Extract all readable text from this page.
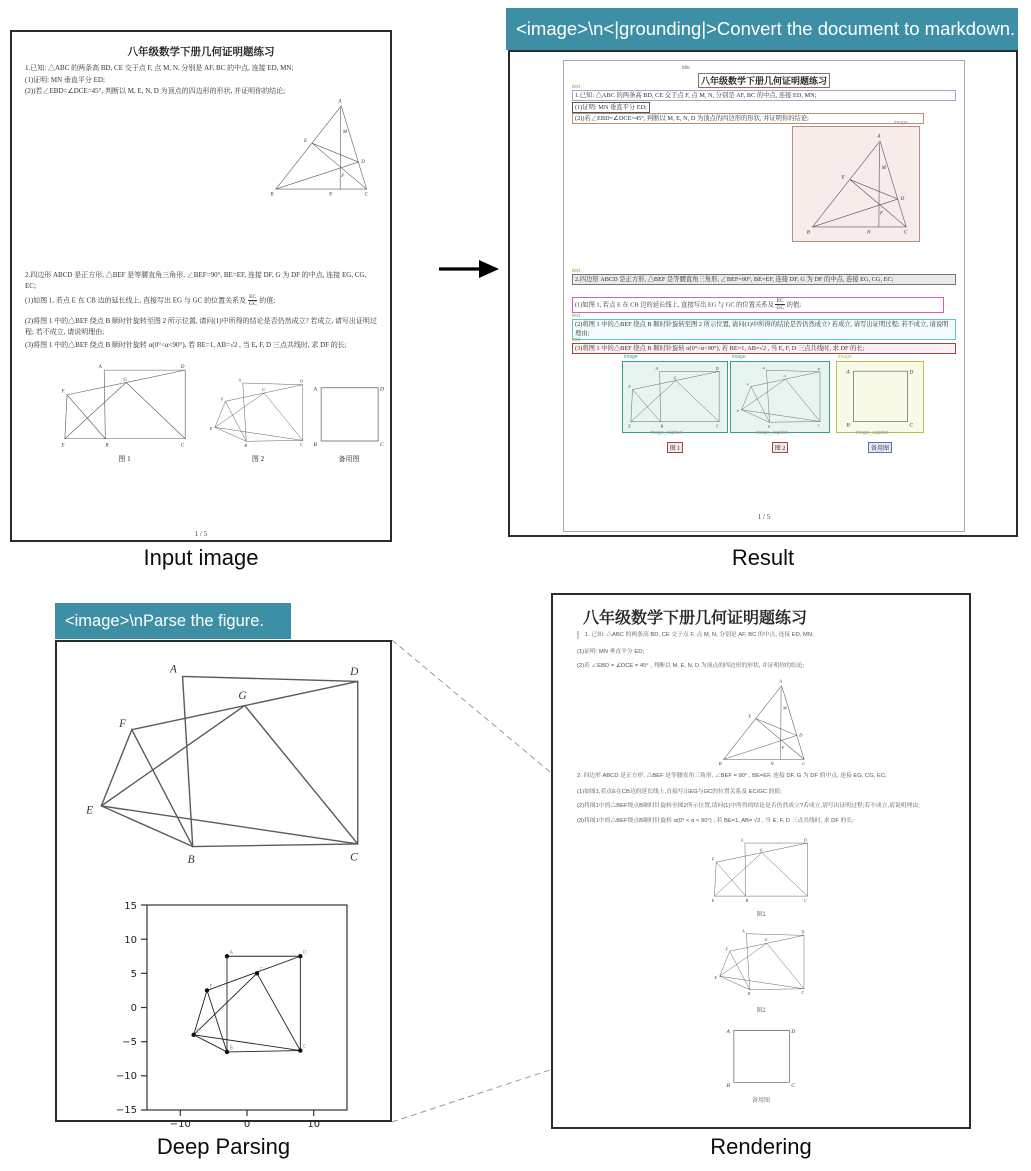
八年级数学下册几何证明题练习
1.已知: △ABC 的两条高 BD, CE 交于点 F, 点 M, N, 分别是 AF, BC 的中点, 连接 ED, MN;
(1)证明: MN 垂直平分 ED;
(2))若∠EBD=∠DCE=45°, 判断以 M, E, N, D 为顶点的四边形的形状, 并证明你的结论;
2.四边形 ABCD 是正方形, △BEF 是等腰直角三角形, ∠BEF=90°, BE=EF, 连接 DF, G 为 DF 的中点, 连接 EG, CG, EC;
(1)如图 1, 若点 E 在 CB 边的延长线上, 直接写出 EG 与 GC 的位置关系及 $\frac{EC}{GC}$ 的值;
(2)将图 1 中的△BEF 绕点 B 顺时针旋转至图 2 所示位置, 请问(1)中所得的结论是否仍然成立? 若成立, 请写出证明过程; 若不成立, 请说明理由;
(3)将图 1 中的△BEF 绕点 B 顺时针旋转 α(0°<α<90°), 若 BE=1, AB=√2 , 当 E, F, D 三点共线时, 求 DF 的长;
图 1	图 2	备用图
1 / 5
Input image
<image>\n<|grounding|>Convert the document to markdown.
title
八年级数学下册几何证明题练习
text
1.已知: △ABC 的两条高 BD, CE 交于点 F, 点 M, N, 分别是 AF, BC 的中点, 连接 ED, MN;
(1)证明: MN 垂直平分 ED;
(2))若∠EBD=∠DCE=45°, 判断以 M, E, N, D 为顶点的四边形的形状, 并证明你的结论;
image
text
2.四边形 ABCD 是正方形, △BEF 是等腰直角三角形, ∠BEF=90°, BE=EF, 连接 DF, G 为 DF 的中点, 连接 EG, CG, EC;
(1)如图 1, 若点 E 在 CB 边的延长线上, 直接写出 EG 与 GC 的位置关系及 $\frac{EC}{GC}$ 的值;
text
(2)将图 1 中的△BEF 绕点 B 顺时针旋转至图 2 所示位置, 请问(1)中所得的结论是否仍然成立? 若成立, 请写出证明过程; 若不成立, 请说明理由;
text
(3)将图 1 中的△BEF 绕点 B 顺时针旋转 α(0°<α<90°), 若 BE=1, AB=√2 , 当 E, F, D 三点共线时, 求 DF 的长;
image
image_caption
图 1
image
image_caption
图 2
image
image_caption
备用图
1 / 5
Result
<image>\nParse the figure.
15
10
5
0
−5
−10
−15
−10	0	10
A	D
G
F
E
B	C
Deep Parsing
八年级数学下册几何证明题练习
1. 已知: △ABC 的两条高 BD, CE 交于点 F, 点 M, N, 分别是 AF, BC 的中点, 连接 ED, MN;
(1)证明: MN 垂直平分 ED;
(2)若 ∠EBD = ∠DCE = 45° , 判断以 M, E, N, D 为顶点的四边形的形状, 并证明你的结论;
2. 四边形 ABCD 是正方形, △BEF 是等腰直角三角形, ∠BEF = 90° , BE=EF, 连接 DF, G 为 DF 的中点, 连接 EG, CG, EC;
(1)如图1,若点E在CB边的延长线上,直接写出EG与GC的位置关系及 EC/GC 的值;
(2)将图1中的△BEF绕点B顺时针旋转至图2所示位置,请问(1)中所得的结论是否仍然成立?若成立,请写出证明过程;若不成立,请说明理由;
(3)将图1中的△BEF绕点B顺时针旋转 α(0° < α < 90°) , 若 BE=1, AB= √2 , 当 E, F, D 三点共线时, 求 DF 的长;
图1
图2
备用图
Rendering
